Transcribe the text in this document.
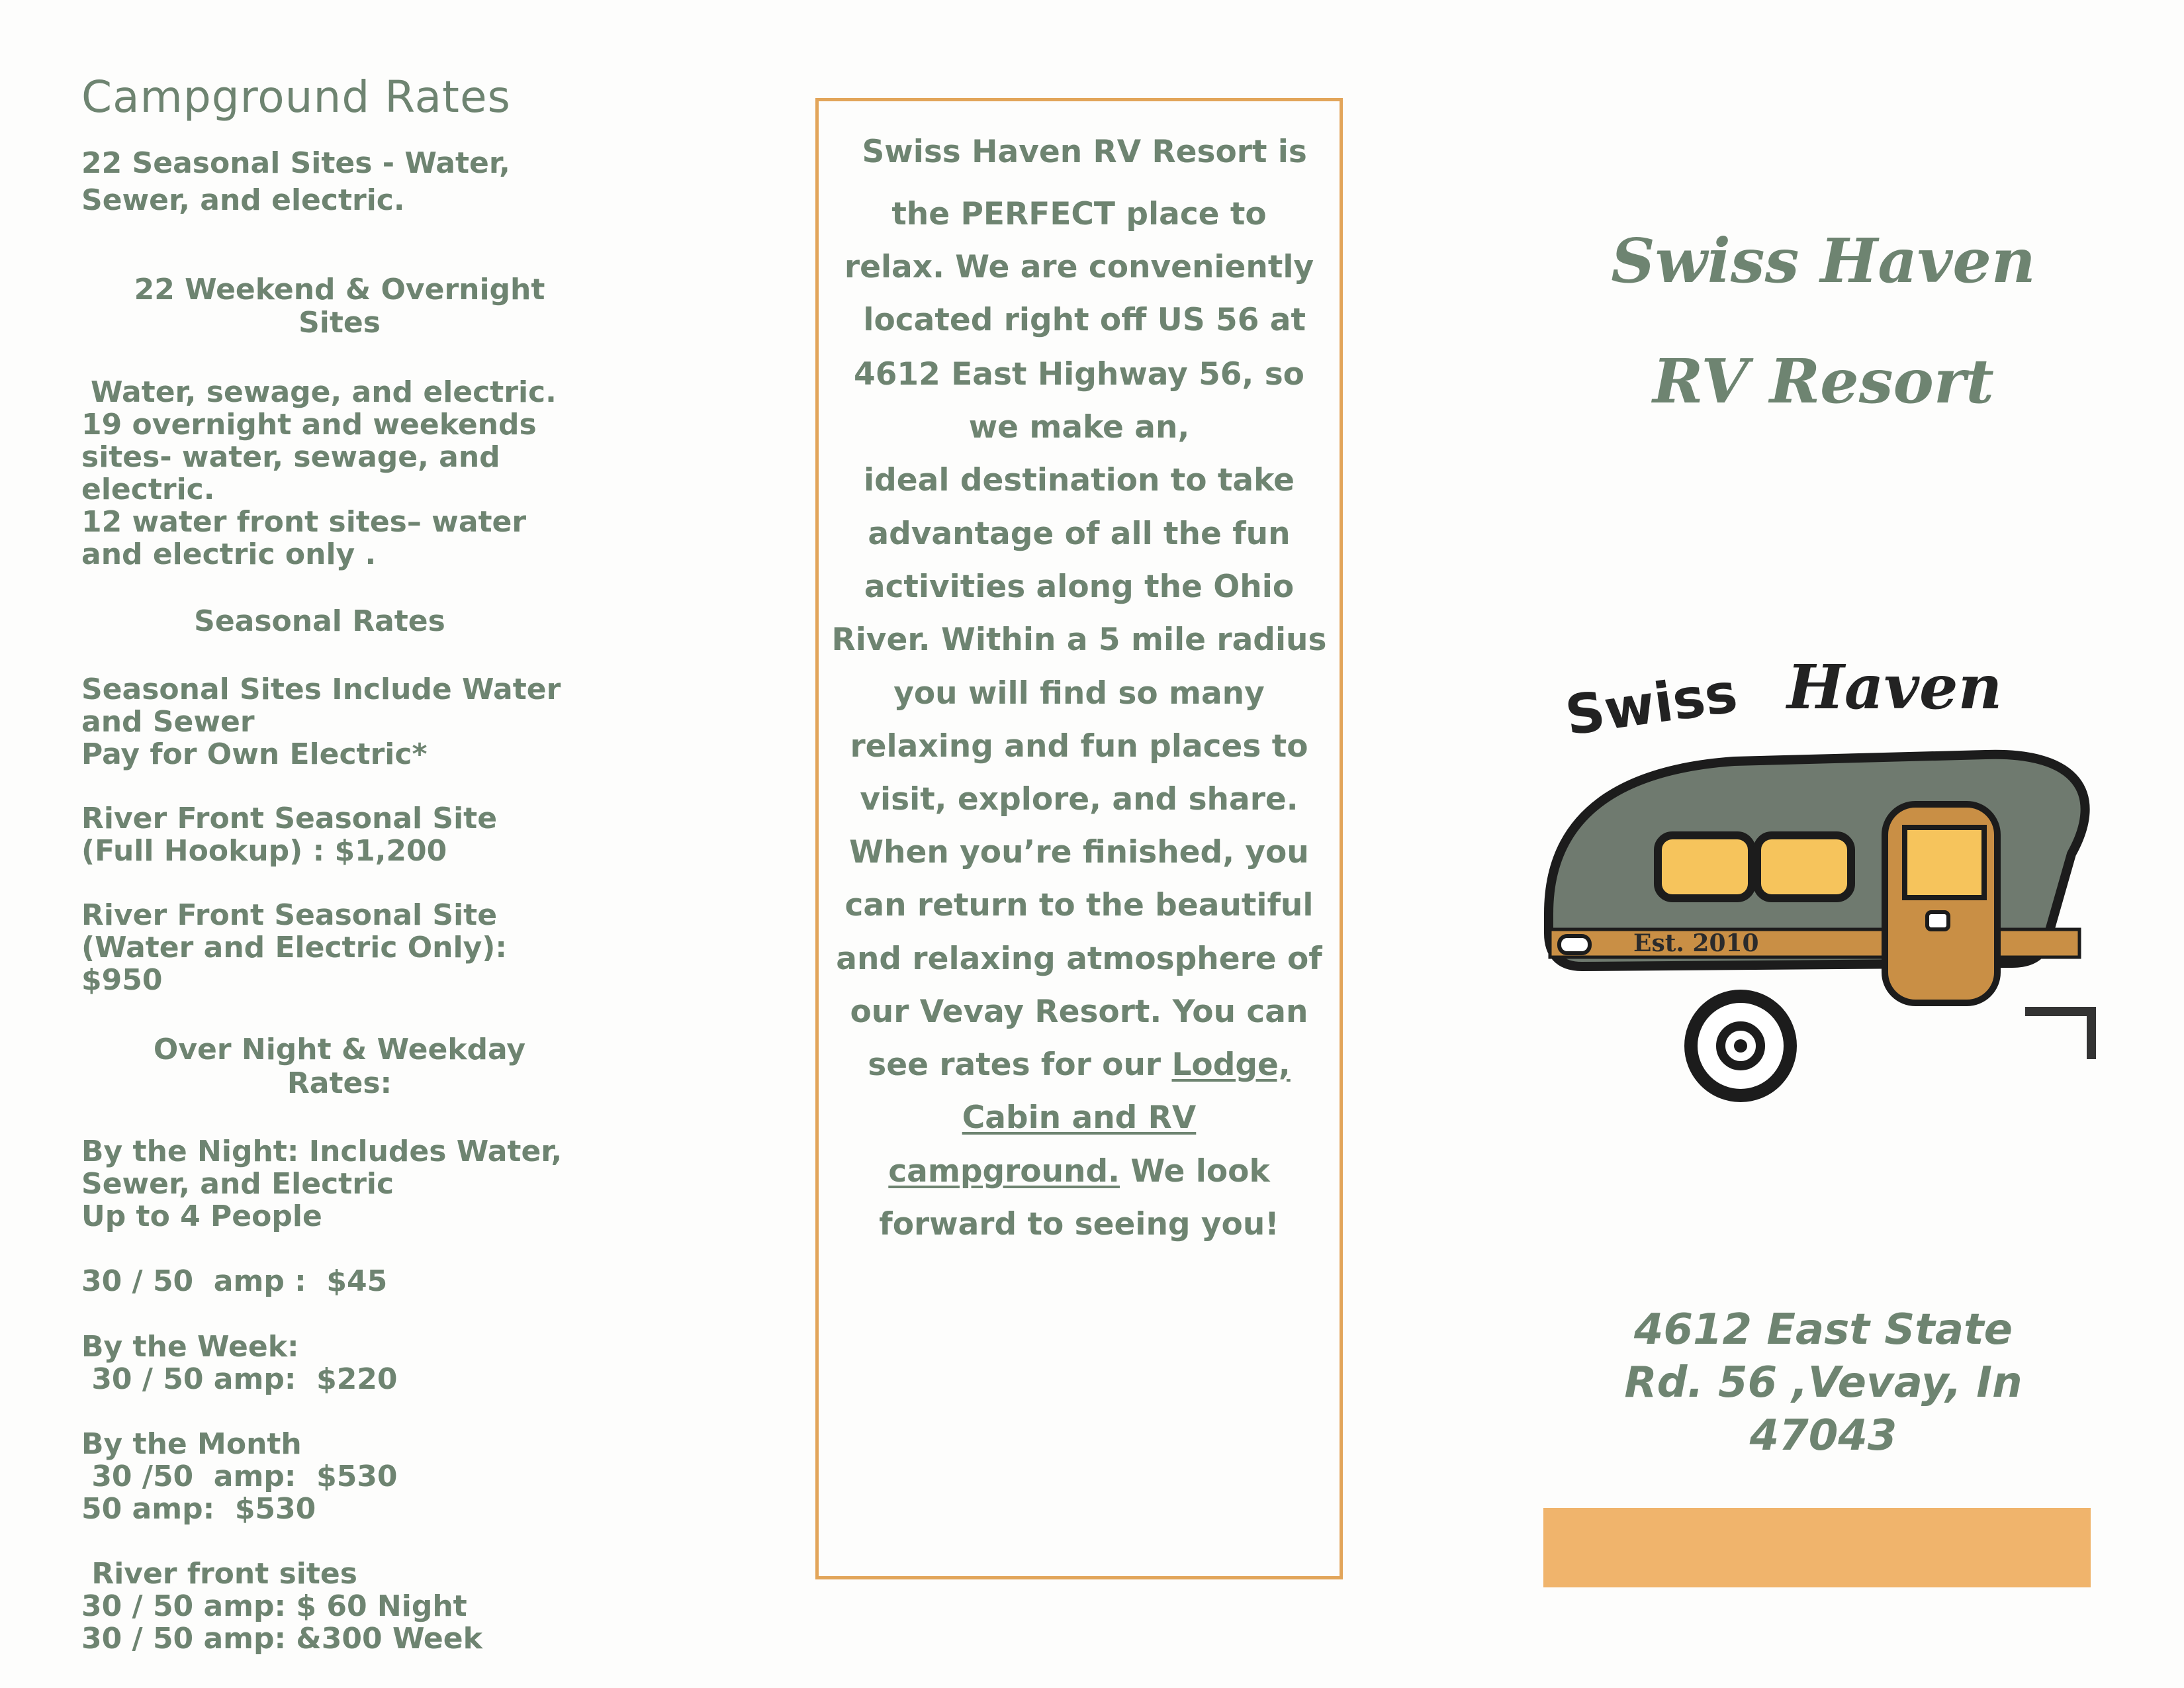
Campground Rates
22 Seasonal Sites - Water,
Sewer, and electric.
22 Weekend & Overnight
Sites
Water, sewage, and electric.
19 overnight and weekends
sites- water, sewage, and
electric.
12 water front sites– water
and electric only .
Seasonal Rates
Seasonal Sites Include Water
and Sewer
Pay for Own Electric*
River Front Seasonal Site
(Full Hookup) : $1,200
River Front Seasonal Site
(Water and Electric Only):
$950
Over Night & Weekday
Rates:
By the Night: Includes Water,
Sewer, and Electric
Up to 4 People
30 / 50  amp :  $45
By the Week:
30 / 50 amp:  $220
By the Month
30 /50  amp:  $530
50 amp:  $530
River front sites
30 / 50 amp: $ 60 Night
30 / 50 amp: &300 Week
Swiss Haven RV Resort is
the PERFECT place to
relax. We are conveniently
located right off US 56 at
4612 East Highway 56, so
we make an,
ideal destination to take
advantage of all the fun
activities along the Ohio
River. Within a 5 mile radius
you will find so many
relaxing and fun places to
visit, explore, and share.
When you’re finished, you
can return to the beautiful
and relaxing atmosphere of
our Vevay Resort. You can
see rates for our Lodge,
Cabin and RV
campground. We look
forward to seeing you!
Swiss Haven
RV Resort
Swiss Haven
Est. 2010
4612 East State
Rd. 56 ,Vevay, In
47043
